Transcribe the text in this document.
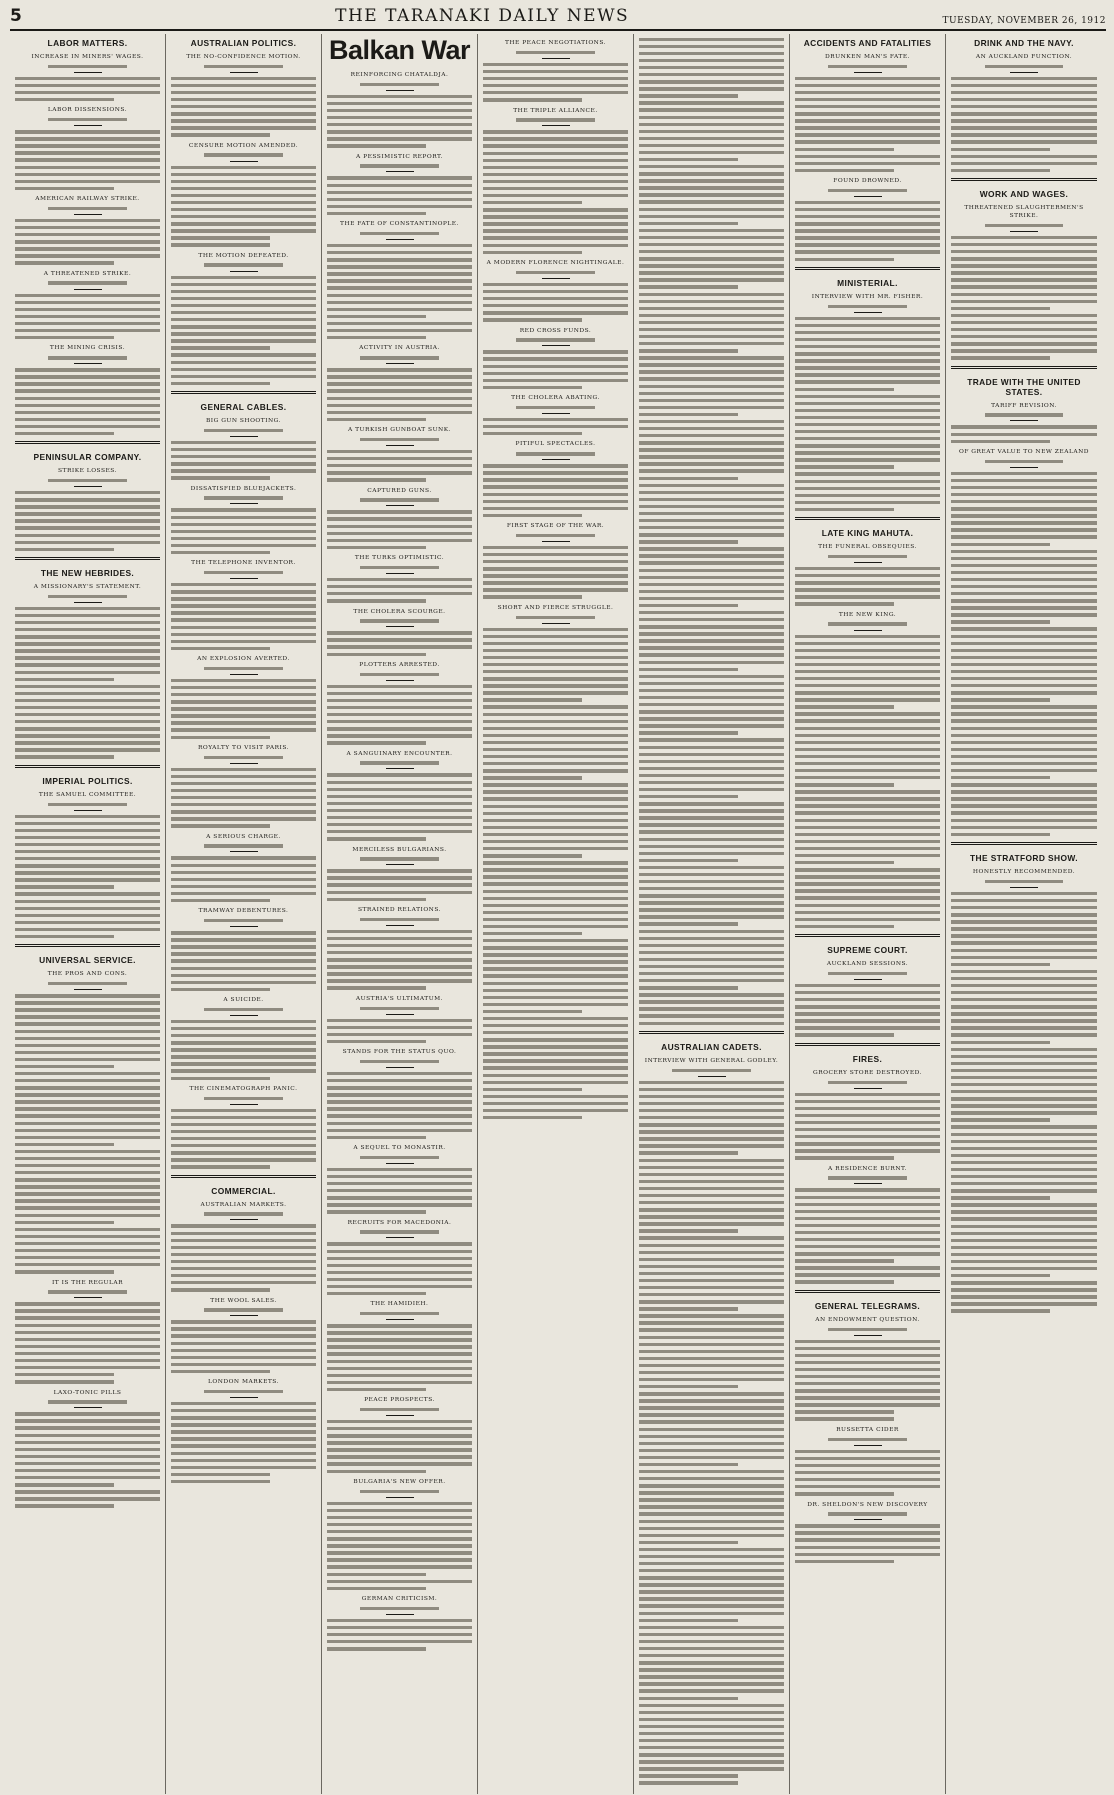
5	THE TARANAKI DAILY NEWS	TUESDAY, NOVEMBER 26, 1912
LABOR MATTERS.
INCREASE IN MINERS' WAGES.
LABOR DISSENSIONS.
AMERICAN RAILWAY STRIKE.
A THREATENED STRIKE.
THE MINING CRISIS.
PENINSULAR COMPANY.
STRIKE LOSSES.
THE NEW HEBRIDES.
A MISSIONARY'S STATEMENT.
IMPERIAL POLITICS.
THE SAMUEL COMMITTEE.
UNIVERSAL SERVICE.
THE PROS AND CONS.
IT IS THE REGULAR
LAXO-TONIC PILLS
AUSTRALIAN POLITICS.
THE NO-CONFIDENCE MOTION.
CENSURE MOTION AMENDED.
THE MOTION DEFEATED.
GENERAL CABLES.
BIG GUN SHOOTING.
DISSATISFIED BLUEJACKETS.
THE TELEPHONE INVENTOR.
AN EXPLOSION AVERTED.
ROYALTY TO VISIT PARIS.
A SERIOUS CHARGE.
TRAMWAY DEBENTURES.
A SUICIDE.
THE CINEMATOGRAPH PANIC.
COMMERCIAL.
AUSTRALIAN MARKETS.
THE WOOL SALES.
LONDON MARKETS.
Balkan War
REINFORCING CHATALDJA.
A PESSIMISTIC REPORT.
THE FATE OF CONSTANTINOPLE.
ACTIVITY IN AUSTRIA.
A TURKISH GUNBOAT SUNK.
CAPTURED GUNS.
THE TURKS OPTIMISTIC.
THE CHOLERA SCOURGE.
PLOTTERS ARRESTED.
A SANGUINARY ENCOUNTER.
MERCILESS BULGARIANS.
STRAINED RELATIONS.
AUSTRIA'S ULTIMATUM.
STANDS FOR THE STATUS QUO.
A SEQUEL TO MONASTIR.
RECRUITS FOR MACEDONIA.
THE HAMIDIEH.
PEACE PROSPECTS.
BULGARIA'S NEW OFFER.
GERMAN CRITICISM.
THE PEACE NEGOTIATIONS.
THE TRIPLE ALLIANCE.
A MODERN FLORENCE NIGHTINGALE.
RED CROSS FUNDS.
THE CHOLERA ABATING.
PITIFUL SPECTACLES.
FIRST STAGE OF THE WAR.
SHORT AND FIERCE STRUGGLE.
AUSTRALIAN CADETS.
INTERVIEW WITH GENERAL GODLEY.
ACCIDENTS AND FATALITIES
DRUNKEN MAN'S FATE.
FOUND DROWNED.
MINISTERIAL.
INTERVIEW WITH MR. FISHER.
LATE KING MAHUTA.
THE FUNERAL OBSEQUIES.
THE NEW KING.
SUPREME COURT.
AUCKLAND SESSIONS.
FIRES.
GROCERY STORE DESTROYED.
A RESIDENCE BURNT.
GENERAL TELEGRAMS.
AN ENDOWMENT QUESTION.
RUSSETTA CIDER
DR. SHELDON'S NEW DISCOVERY
DRINK AND THE NAVY.
AN AUCKLAND FUNCTION.
WORK AND WAGES.
THREATENED SLAUGHTERMEN'S STRIKE.
TRADE WITH THE UNITED STATES.
TARIFF REVISION.
OF GREAT VALUE TO NEW ZEALAND
THE STRATFORD SHOW.
HONESTLY RECOMMENDED.
